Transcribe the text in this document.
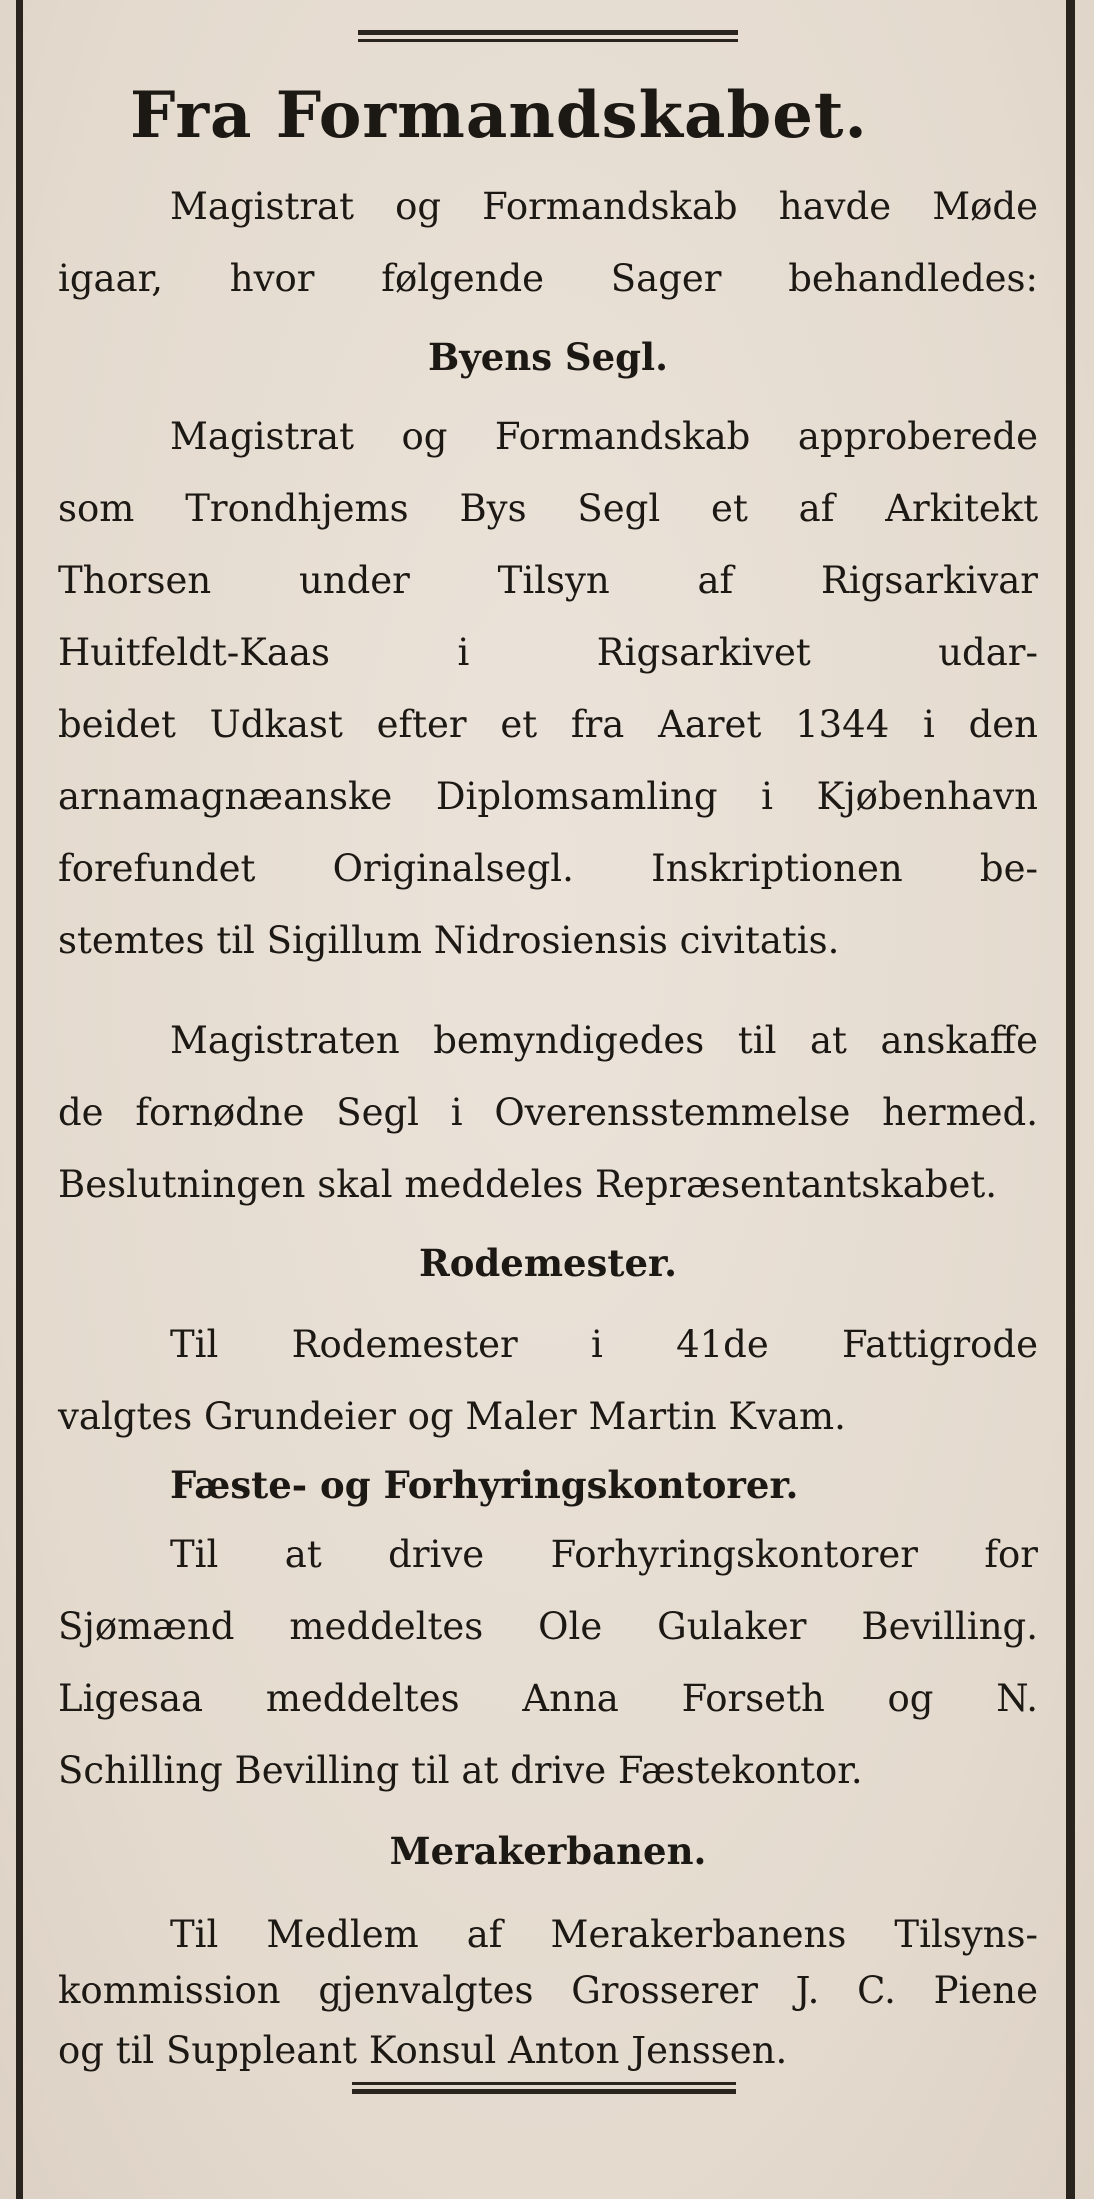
Fra Formandskabet.
Magistrat og Formandskab havde Møde
igaar, hvor følgende Sager behandledes:
Byens Segl.
Magistrat og Formandskab approberede
som Trondhjems Bys Segl et af Arkitekt
Thorsen under Tilsyn af Rigsarkivar
Huitfeldt-Kaas i Rigsarkivet udar-
beidet Udkast efter et fra Aaret 1344 i den
arnamagnæanske Diplomsamling i Kjøbenhavn
forefundet Originalsegl. Inskriptionen be-
stemtes til Sigillum Nidrosiensis civitatis.
Magistraten bemyndigedes til at anskaffe
de fornødne Segl i Overensstemmelse hermed.
Beslutningen skal meddeles Repræsentantskabet.
Rodemester.
Til Rodemester i 41de Fattigrode
valgtes Grundeier og Maler Martin Kvam.
Fæste- og Forhyringskontorer.
Til at drive Forhyringskontorer for
Sjømænd meddeltes Ole Gulaker Bevilling.
Ligesaa meddeltes Anna Forseth og N.
Schilling Bevilling til at drive Fæstekontor.
Merakerbanen.
Til Medlem af Merakerbanens Tilsyns-
kommission gjenvalgtes Grosserer J. C. Piene
og til Suppleant Konsul Anton Jenssen.
